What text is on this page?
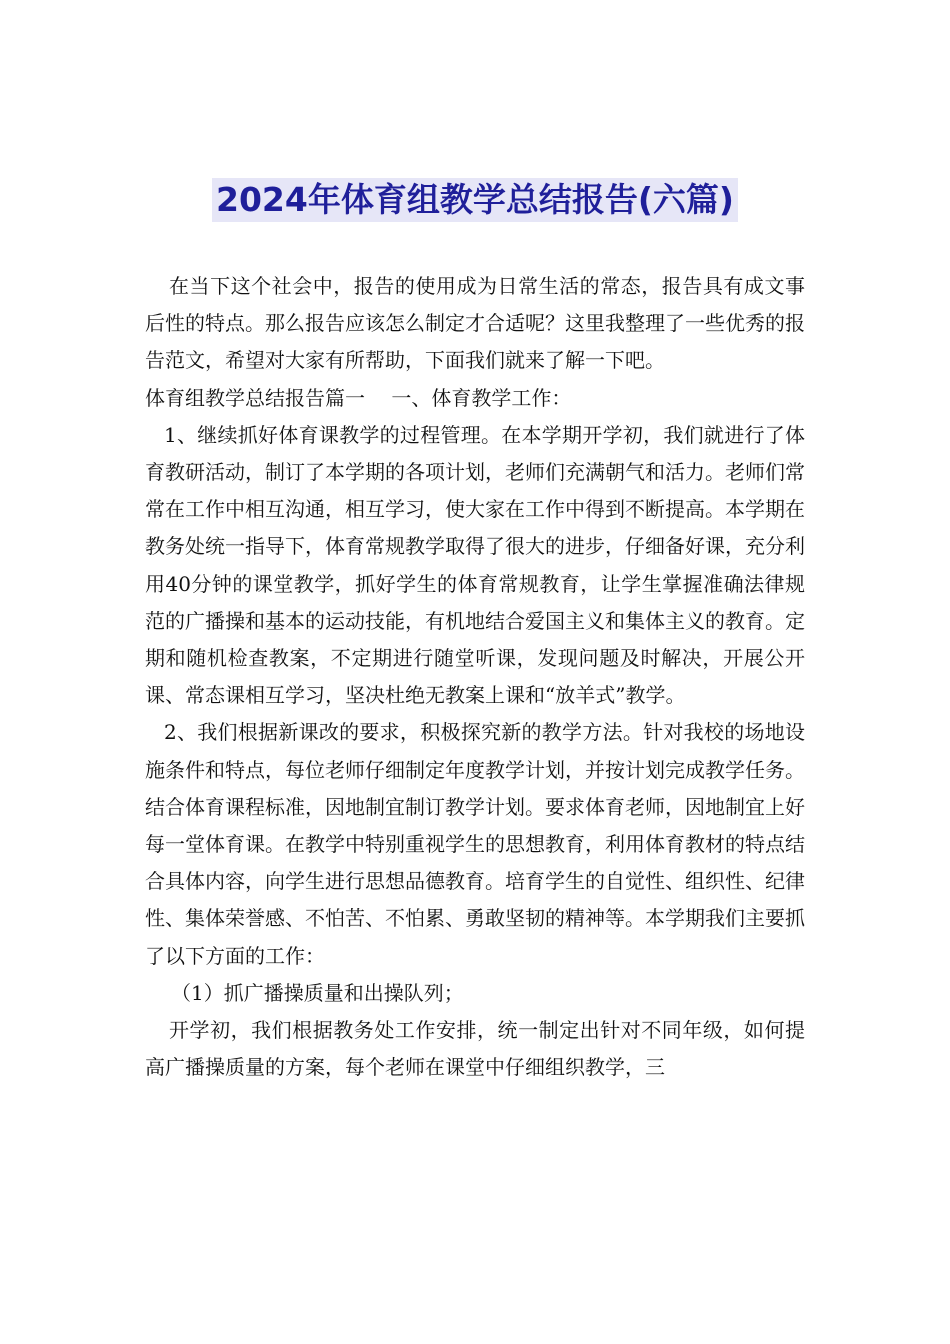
2024年体育组教学总结报告(六篇)

在当下这个社会中，报告的使用成为日常生活的常态，报告具有成文事后性的特点。那么报告应该怎么制定才合适呢？这里我整理了一些优秀的报告范文，希望对大家有所帮助，下面我们就来了解一下吧。

体育组教学总结报告篇一　 一、体育教学工作：

1、继续抓好体育课教学的过程管理。在本学期开学初，我们就进行了体育教研活动，制订了本学期的各项计划，老师们充满朝气和活力。老师们常常在工作中相互沟通，相互学习，使大家在工作中得到不断提高。本学期在教务处统一指导下，体育常规教学取得了很大的进步，仔细备好课，充分利用40分钟的课堂教学，抓好学生的体育常规教育，让学生掌握准确法律规范的广播操和基本的运动技能，有机地结合爱国主义和集体主义的教育。定期和随机检查教案，不定期进行随堂听课，发现问题及时解决，开展公开课、常态课相互学习，坚决杜绝无教案上课和“放羊式”教学。

2、我们根据新课改的要求，积极探究新的教学方法。针对我校的场地设施条件和特点，每位老师仔细制定年度教学计划，并按计划完成教学任务。结合体育课程标准，因地制宜制订教学计划。要求体育老师，因地制宜上好每一堂体育课。在教学中特别重视学生的思想教育，利用体育教材的特点结合具体内容，向学生进行思想品德教育。培育学生的自觉性、组织性、纪律性、集体荣誉感、不怕苦、不怕累、勇敢坚韧的精神等。本学期我们主要抓了以下方面的工作：

（1）抓广播操质量和出操队列；

开学初，我们根据教务处工作安排，统一制定出针对不同年级，如何提高广播操质量的方案，每个老师在课堂中仔细组织教学，三
